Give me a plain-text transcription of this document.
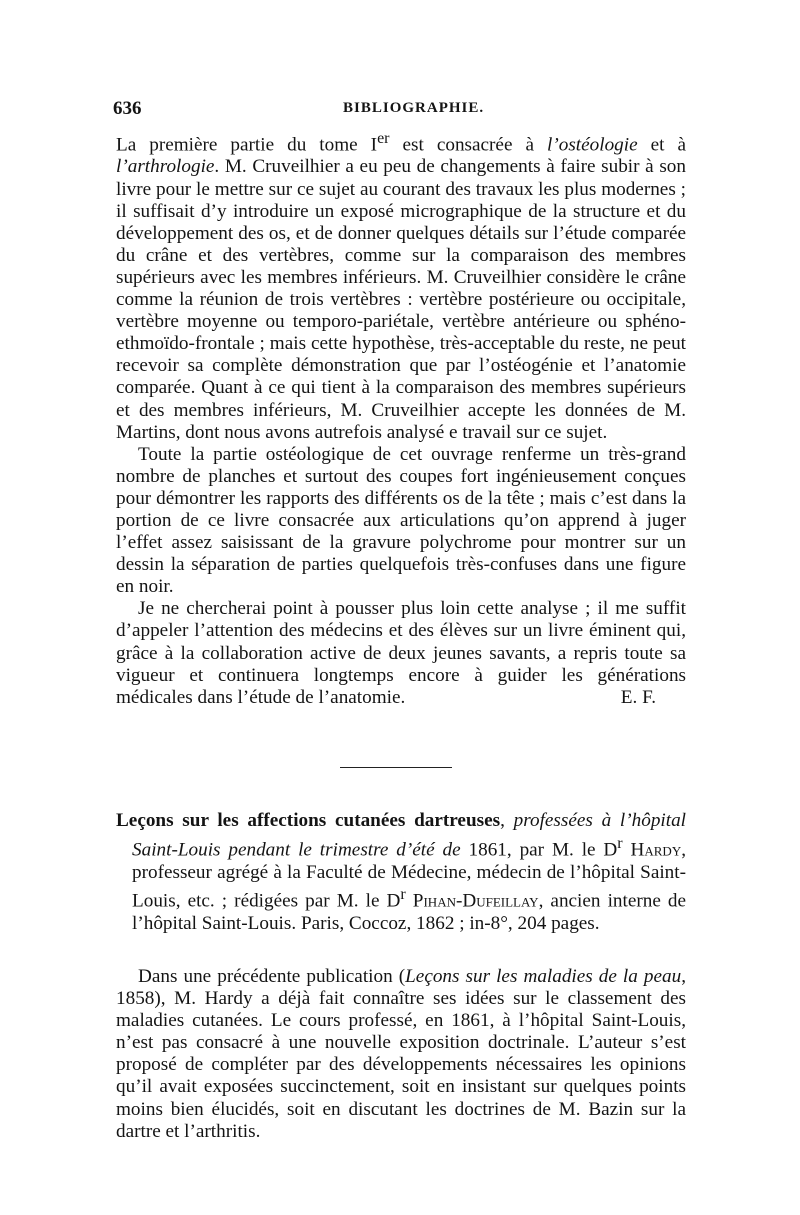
636	BIBLIOGRAPHIE.

La première partie du tome Ier est consacrée à l’ostéologie et à l’arthrologie. M. Cruveilhier a eu peu de changements à faire subir à son livre pour le mettre sur ce sujet au courant des travaux les plus modernes ; il suffisait d’y introduire un exposé micrographique de la structure et du développement des os, et de donner quelques détails sur l’étude comparée du crâne et des vertèbres, comme sur la comparaison des membres supérieurs avec les membres inférieurs. M. Cruveilhier considère le crâne comme la réunion de trois vertèbres : vertèbre postérieure ou occipitale, vertèbre moyenne ou temporo-pariétale, vertèbre antérieure ou sphéno-ethmoïdo-frontale ; mais cette hypothèse, très-acceptable du reste, ne peut recevoir sa complète démonstration que par l’ostéogénie et l’anatomie comparée. Quant à ce qui tient à la comparaison des membres supérieurs et des membres inférieurs, M. Cruveilhier accepte les données de M. Martins, dont nous avons autrefois analysé e travail sur ce sujet.

Toute la partie ostéologique de cet ouvrage renferme un très-grand nombre de planches et surtout des coupes fort ingénieusement conçues pour démontrer les rapports des différents os de la tête ; mais c’est dans la portion de ce livre consacrée aux articulations qu’on apprend à juger l’effet assez saisissant de la gravure polychrome pour montrer sur un dessin la séparation de parties quelquefois très-confuses dans une figure en noir.

Je ne chercherai point à pousser plus loin cette analyse ; il me suffit d’appeler l’attention des médecins et des élèves sur un livre éminent qui, grâce à la collaboration active de deux jeunes savants, a repris toute sa vigueur et continuera longtemps encore à guider les générations médicales dans l’étude de l’anatomie.	E. F.

Leçons sur les affections cutanées dartreuses, professées à l’hôpital Saint-Louis pendant le trimestre d’été de 1861, par M. le $D^r$ Hardy, professeur agrégé à la Faculté de Médecine, médecin de l’hôpital Saint-Louis, etc. ; rédigées par M. le $D^r$ Pihan-Dufeillay, ancien interne de l’hôpital Saint-Louis. Paris, Coccoz, 1862 ; in-8°, 204 pages.

Dans une précédente publication (Leçons sur les maladies de la peau, 1858), M. Hardy a déjà fait connaître ses idées sur le classement des maladies cutanées. Le cours professé, en 1861, à l’hôpital Saint-Louis, n’est pas consacré à une nouvelle exposition doctrinale. L’auteur s’est proposé de compléter par des développements nécessaires les opinions qu’il avait exposées succinctement, soit en insistant sur quelques points moins bien élucidés, soit en discutant les doctrines de M. Bazin sur la dartre et l’arthritis.
